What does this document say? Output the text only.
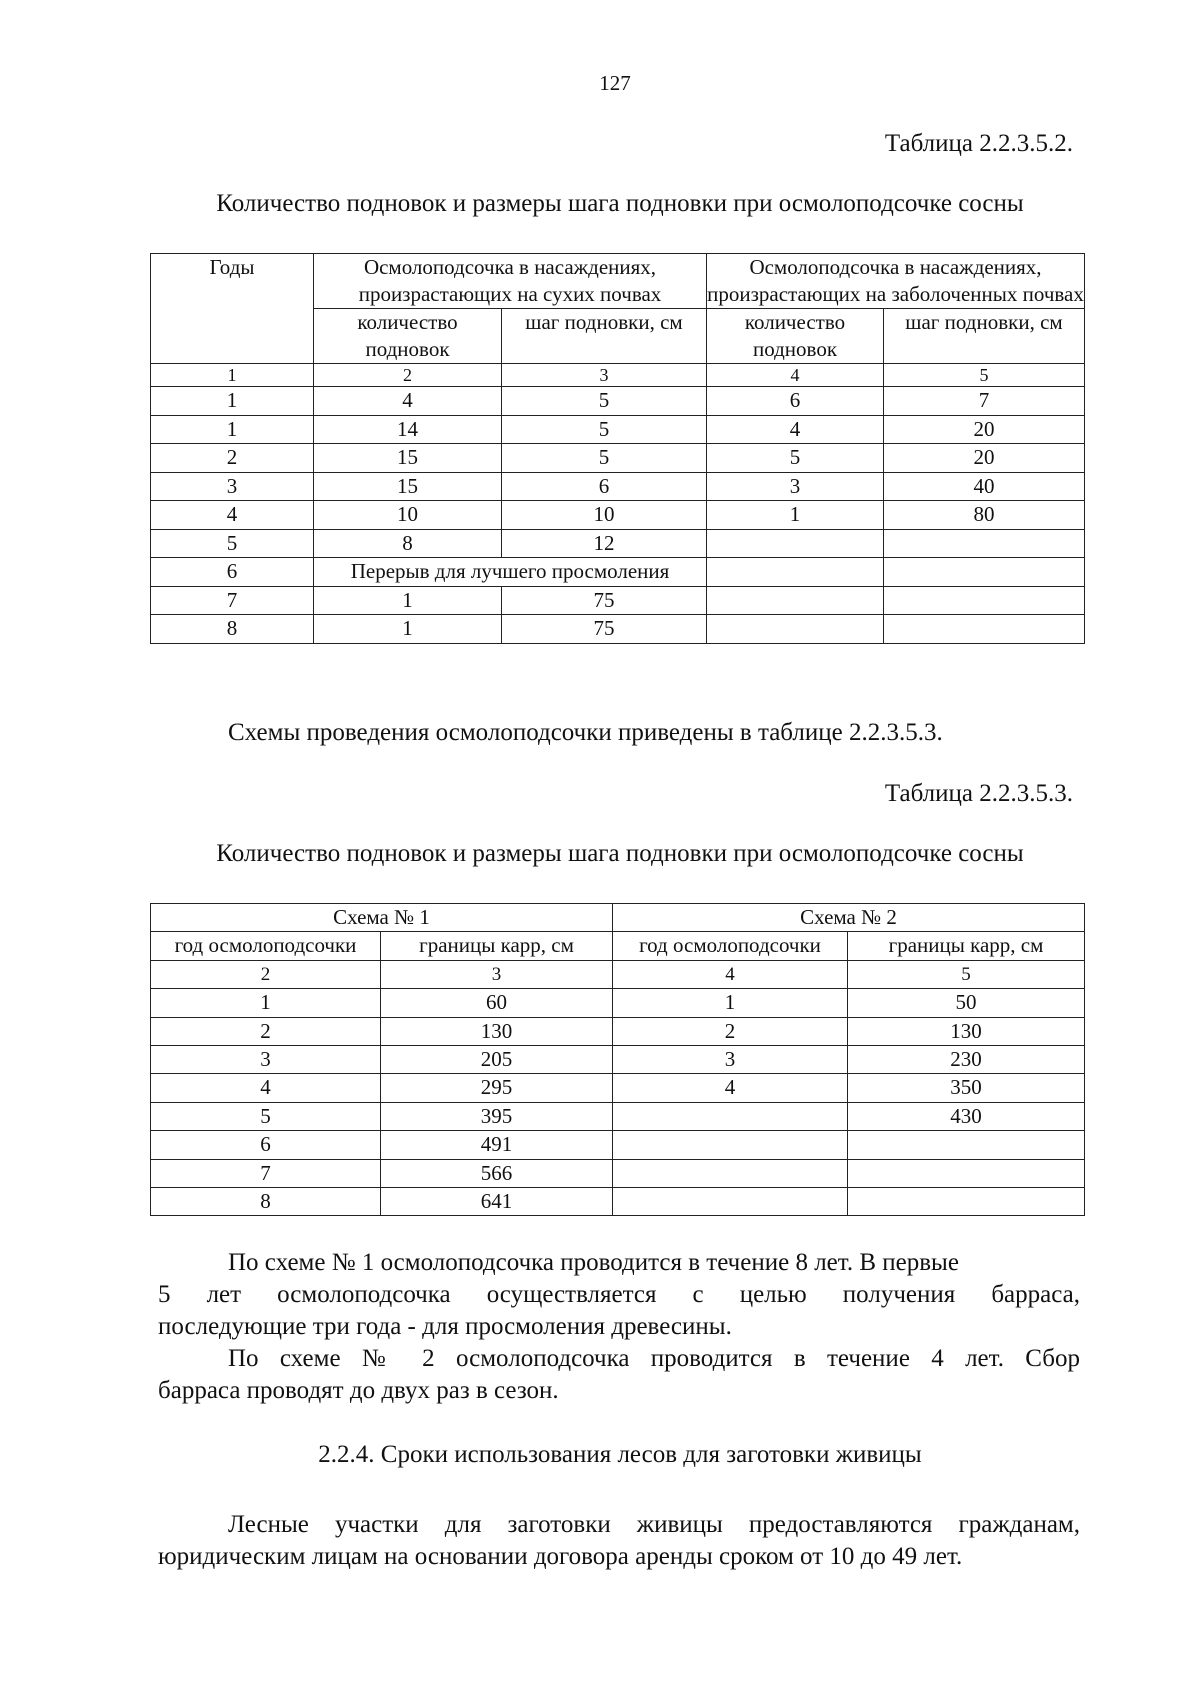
127
Таблица 2.2.3.5.2.
Количество подновок и размеры шага подновки при осмолоподсочке сосны
Годы	Осмолоподсочка в насаждениях, произрастающих на сухих почвах		Осмолоподсочка в насаждениях, произрастающих на заболоченных почвах	
	количество подновок	шаг подновки, см	количество подновок	шаг подновки, см
1	2	3	4	5
1	4	5	6	7
1	14	5	4	20
2	15	5	5	20
3	15	6	3	40
4	10	10	1	80
5	8	12		
6	Перерыв для лучшего просмоления			
7	1	75		
8	1	75		
Схемы проведения осмолоподсочки приведены в таблице 2.2.3.5.3.
Таблица 2.2.3.5.3.
Количество подновок и размеры шага подновки при осмолоподсочке сосны
Схема № 1		Схема № 2	
год осмолоподсочки	границы карр, см	год осмолоподсочки	границы карр, см
2	3	4	5
1	60	1	50
2	130	2	130
3	205	3	230
4	295	4	350
5	395		430
6	491		
7	566		
8	641		
По схеме № 1 осмолоподсочка проводится в течение 8 лет. В первые
5 лет осмолоподсочка осуществляется с целью получения барраса,
последующие три года - для просмоления древесины.
По схеме № 2 осмолоподсочка проводится в течение 4 лет. Сбор
барраса проводят до двух раз в сезон.
2.2.4. Сроки использования лесов для заготовки живицы
Лесные участки для заготовки живицы предоставляются гражданам,
юридическим лицам на основании договора аренды сроком от 10 до 49 лет.
